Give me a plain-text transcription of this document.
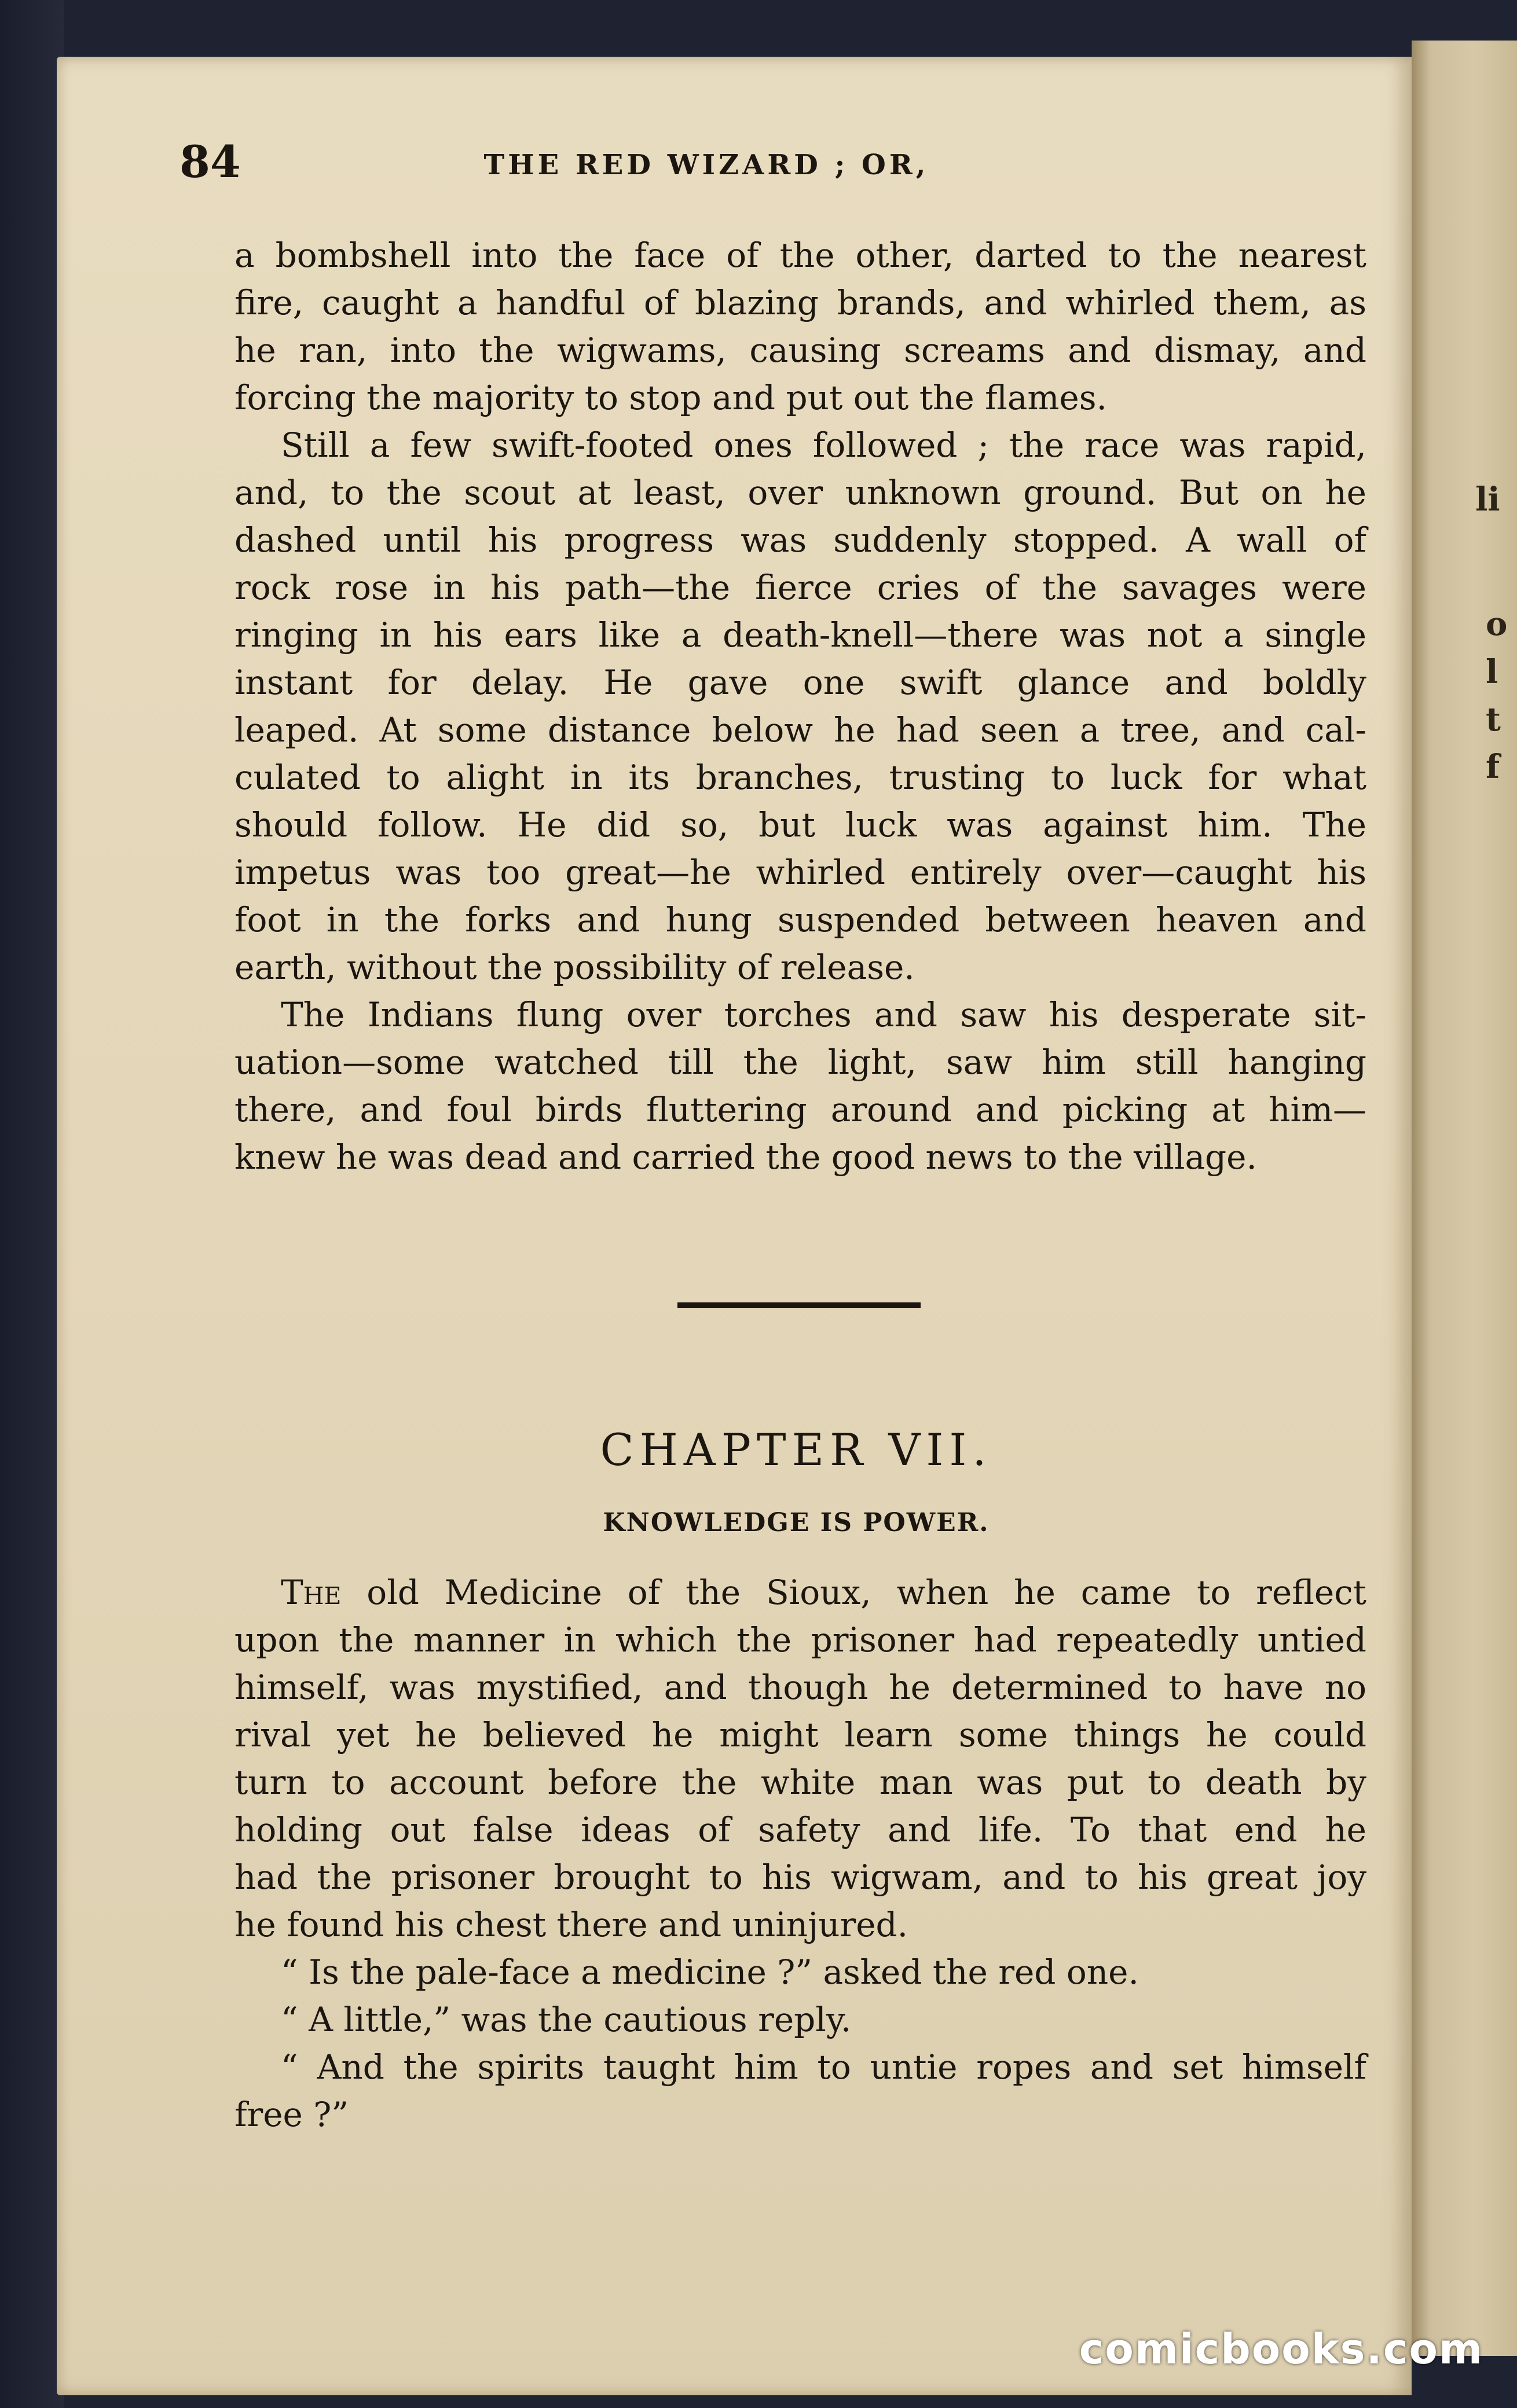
li
o
l
t
f
84	THE RED WIZARD ; OR,
a bombshell into the face of the other, darted to the nearest
fire, caught a handful of blazing brands, and whirled them, as
he ran, into the wigwams, causing screams and dismay, and
forcing the majority to stop and put out the flames.
Still a few swift-footed ones followed ; the race was rapid,
and, to the scout at least, over unknown ground. But on he
dashed until his progress was suddenly stopped. A wall of
rock rose in his path—the fierce cries of the savages were
ringing in his ears like a death-knell—there was not a single
instant for delay. He gave one swift glance and boldly
leaped. At some distance below he had seen a tree, and cal-
culated to alight in its branches, trusting to luck for what
should follow. He did so, but luck was against him. The
impetus was too great—he whirled entirely over—caught his
foot in the forks and hung suspended between heaven and
earth, without the possibility of release.
The Indians flung over torches and saw his desperate sit-
uation—some watched till the light, saw him still hanging
there, and foul birds fluttering around and picking at him—
knew he was dead and carried the good news to the village.
CHAPTER VII.
KNOWLEDGE IS POWER.
The old Medicine of the Sioux, when he came to reflect
upon the manner in which the prisoner had repeatedly untied
himself, was mystified, and though he determined to have no
rival yet he believed he might learn some things he could
turn to account before the white man was put to death by
holding out false ideas of safety and life. To that end he
had the prisoner brought to his wigwam, and to his great joy
he found his chest there and uninjured.
“ Is the pale-face a medicine ?” asked the red one.
“ A little,” was the cautious reply.
“ And the spirits taught him to untie ropes and set himself
free ?”
comicbooks.com
